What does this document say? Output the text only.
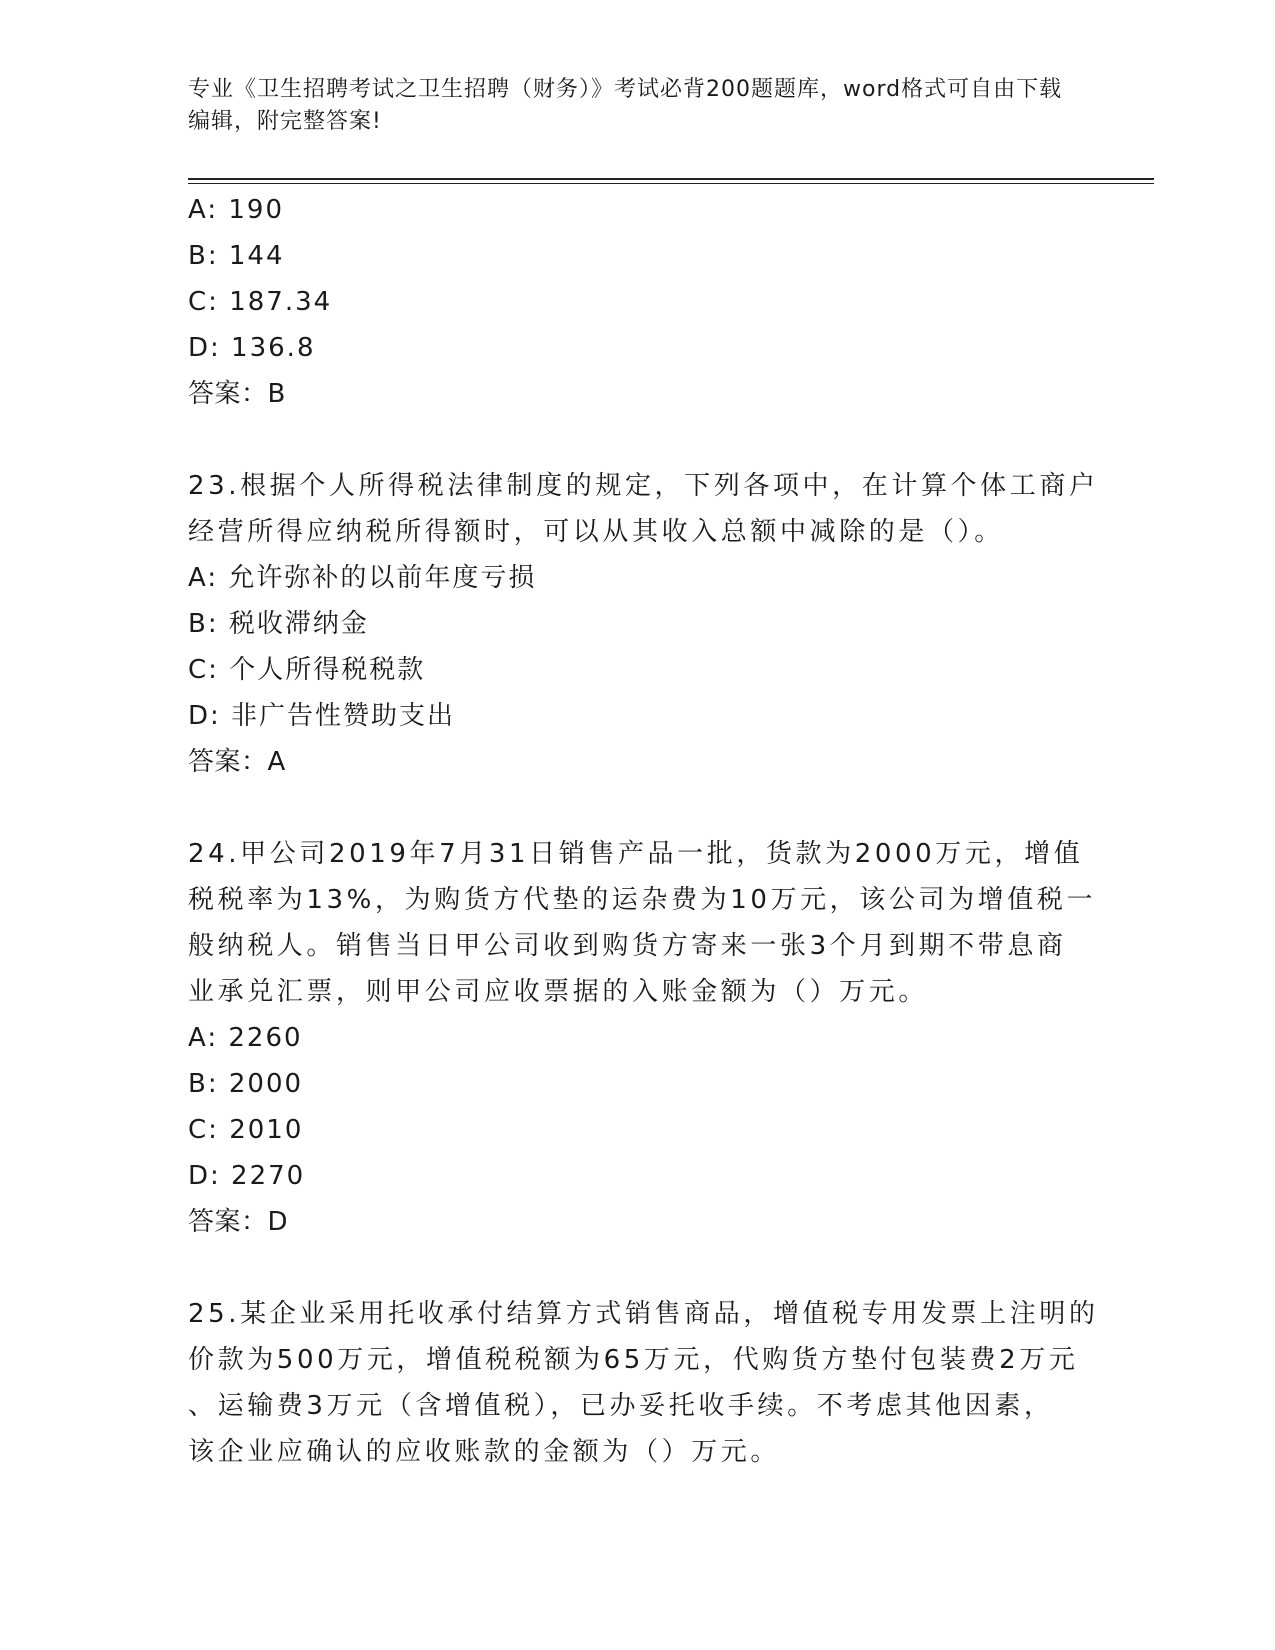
专业《卫生招聘考试之卫生招聘（财务）》考试必背200题题库，word格式可自由下载编辑，附完整答案!
A: 190
B: 144
C: 187.34
D: 136.8
答案：B
23.根据个人所得税法律制度的规定，下列各项中，在计算个体工商户
经营所得应纳税所得额时，可以从其收入总额中减除的是（）。
A: 允许弥补的以前年度亏损
B: 税收滞纳金
C: 个人所得税税款
D: 非广告性赞助支出
答案：A
24.甲公司2019年7月31日销售产品一批，货款为2000万元，增值
税税率为13%，为购货方代垫的运杂费为10万元，该公司为增值税一
般纳税人。销售当日甲公司收到购货方寄来一张3个月到期不带息商
业承兑汇票，则甲公司应收票据的入账金额为（）万元。
A: 2260
B: 2000
C: 2010
D: 2270
答案：D
25.某企业采用托收承付结算方式销售商品，增值税专用发票上注明的
价款为500万元，增值税税额为65万元，代购货方垫付包装费2万元
、运输费3万元（含增值税），已办妥托收手续。不考虑其他因素，
该企业应确认的应收账款的金额为（）万元。
